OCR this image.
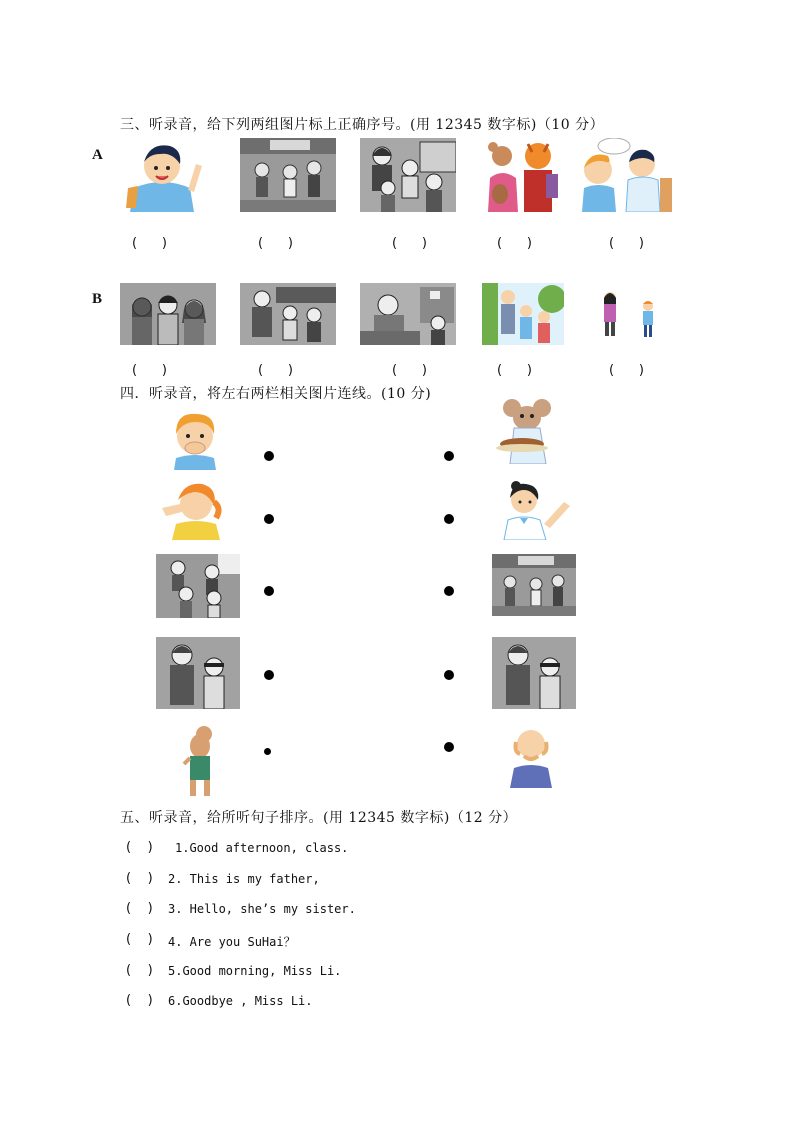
三、听录音，给下列两组图片标上正确序号。(用 12345 数字标)（10 分）
A
(      )	(      )	(      )	(      )	(      )
B
(      )	(      )	(      )	(      )	(      )
四．听录音，将左右两栏相关图片连线。(10 分)
五、听录音，给所听句子排序。(用 12345 数字标)（12 分）
(    ) 1.Good afternoon, class.
(    ) 2. This is my father,
(    ) 3. Hello, she’s my sister.
(    ) 4. Are you SuHai？
(    ) 5.Good morning, Miss Li.
(    ) 6.Goodbye , Miss Li.
